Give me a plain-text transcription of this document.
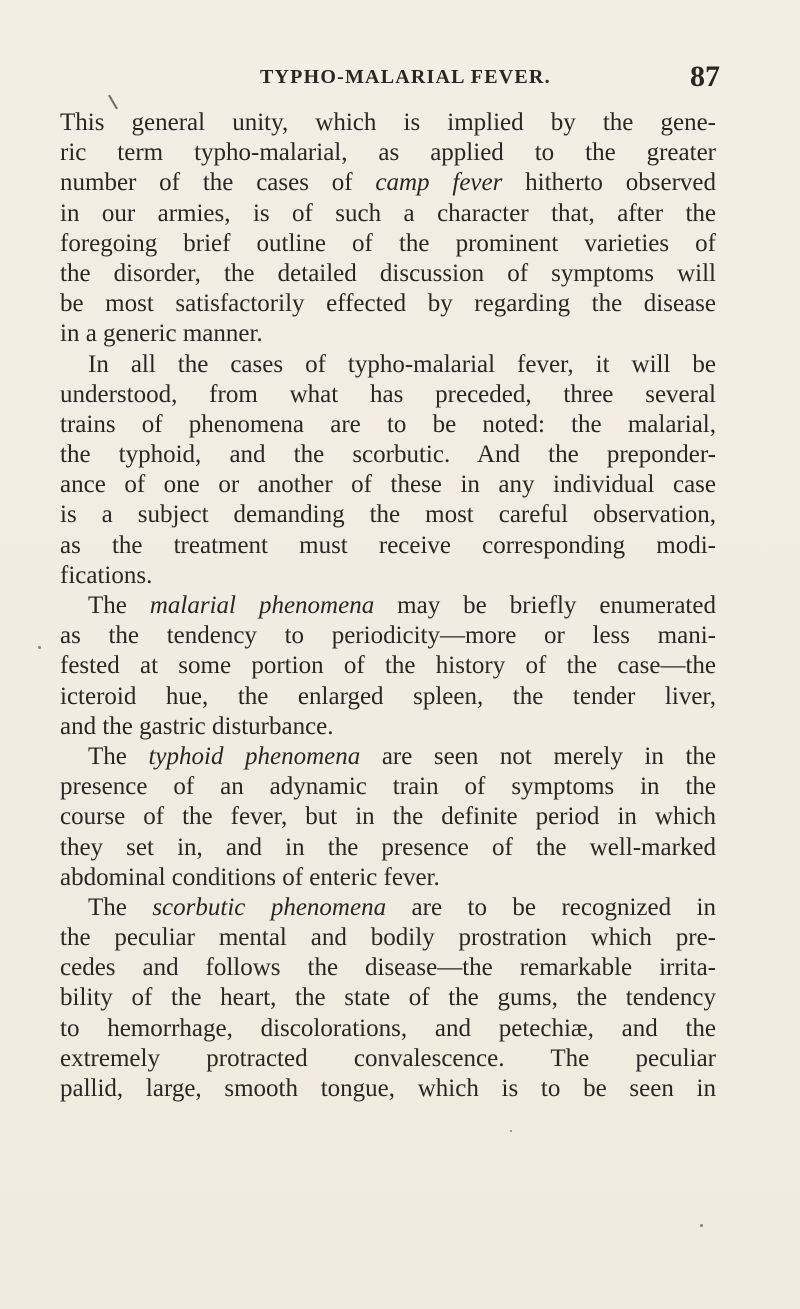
TYPHO-MALARIAL FEVER.	87
This general unity, which is implied by the gene-
ric term typho-malarial, as applied to the greater
number of the cases of camp fever hitherto observed
in our armies, is of such a character that, after the
foregoing brief outline of the prominent varieties of
the disorder, the detailed discussion of symptoms will
be most satisfactorily effected by regarding the disease
in a generic manner.
In all the cases of typho-malarial fever, it will be
understood, from what has preceded, three several
trains of phenomena are to be noted: the malarial,
the typhoid, and the scorbutic. And the preponder-
ance of one or another of these in any individual case
is a subject demanding the most careful observation,
as the treatment must receive corresponding modi-
fications.
The malarial phenomena may be briefly enumerated
as the tendency to periodicity—more or less mani-
fested at some portion of the history of the case—the
icteroid hue, the enlarged spleen, the tender liver,
and the gastric disturbance.
The typhoid phenomena are seen not merely in the
presence of an adynamic train of symptoms in the
course of the fever, but in the definite period in which
they set in, and in the presence of the well-marked
abdominal conditions of enteric fever.
The scorbutic phenomena are to be recognized in
the peculiar mental and bodily prostration which pre-
cedes and follows the disease—the remarkable irrita-
bility of the heart, the state of the gums, the tendency
to hemorrhage, discolorations, and petechiæ, and the
extremely protracted convalescence. The peculiar
pallid, large, smooth tongue, which is to be seen in
